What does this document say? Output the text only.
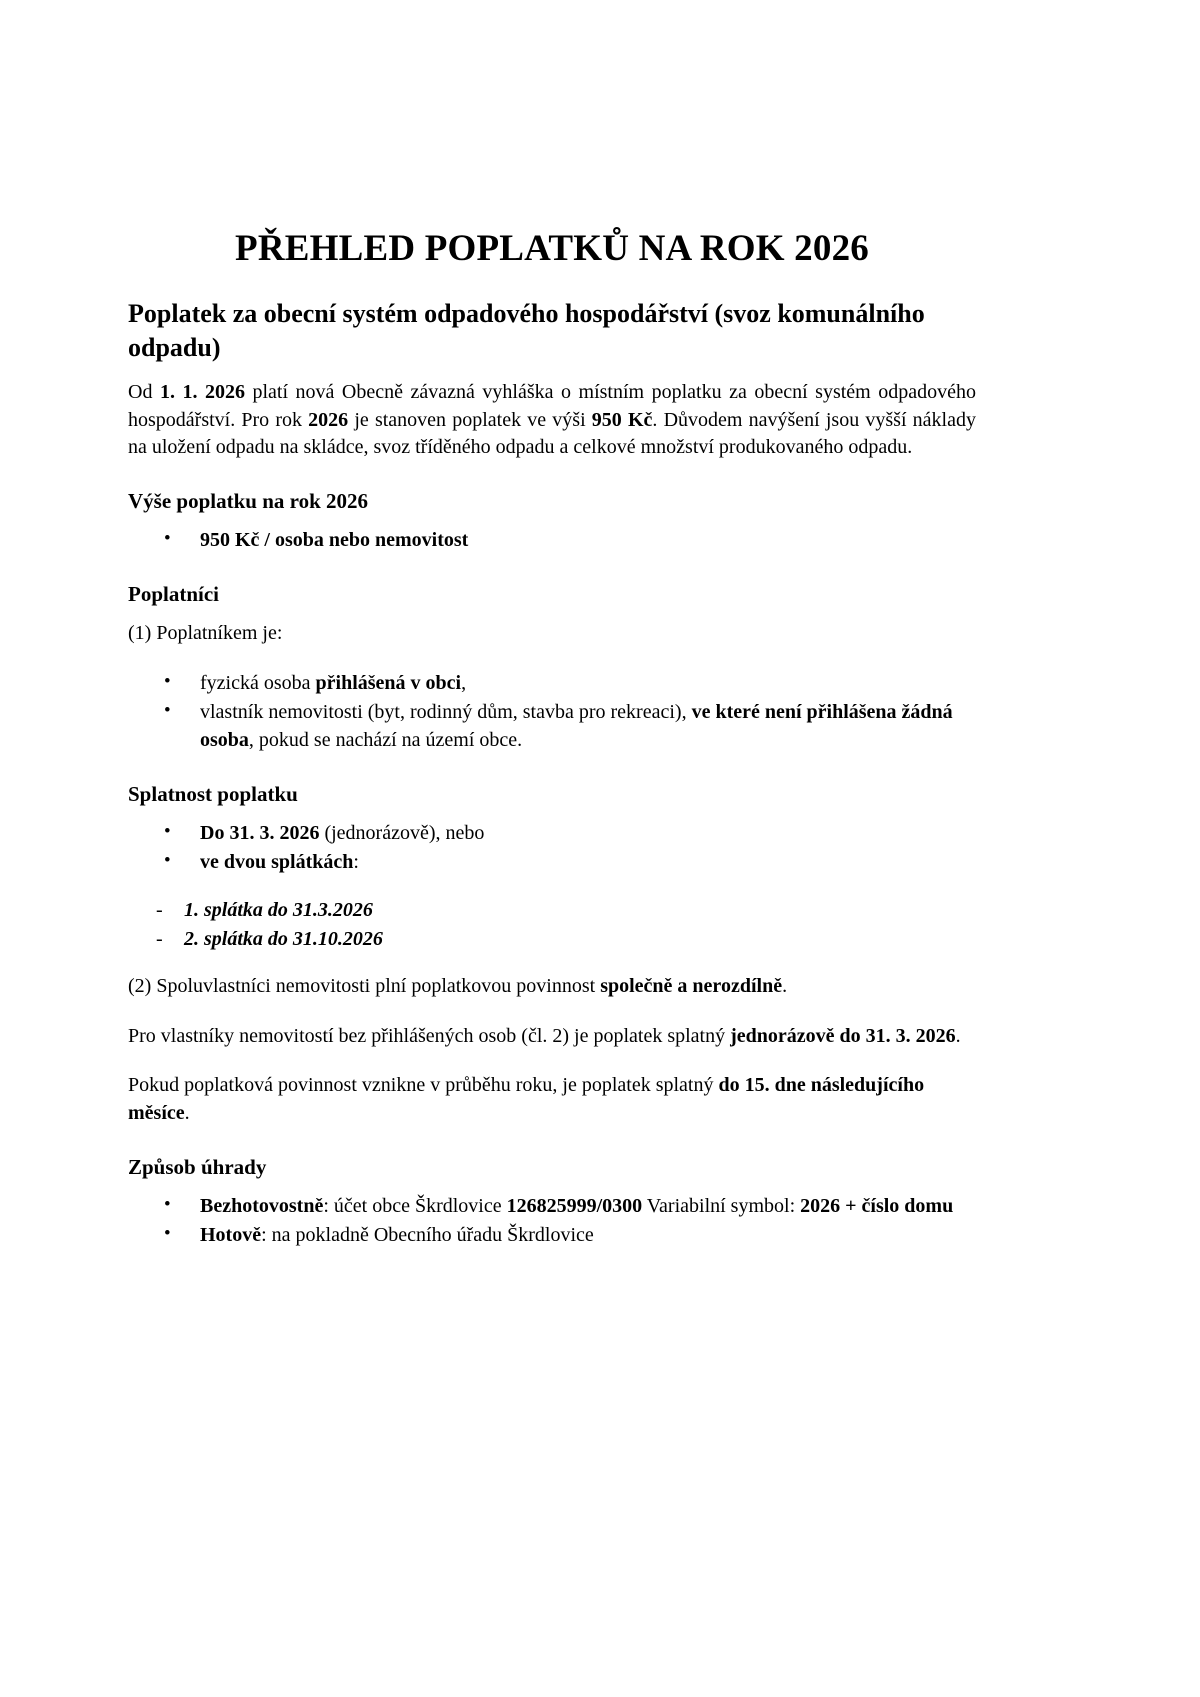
PŘEHLED POPLATKŮ NA ROK 2026
Poplatek za obecní systém odpadového hospodářství (svoz komunálního odpadu)

Od 1. 1. 2026 platí nová Obecně závazná vyhláška o místním poplatku za obecní systém odpadového hospodářství. Pro rok 2026 je stanoven poplatek ve výši 950 Kč. Důvodem navýšení jsou vyšší náklady na uložení odpadu na skládce, svoz tříděného odpadu a celkové množství produkovaného odpadu.

Výše poplatku na rok 2026
• 950 Kč / osoba nebo nemovitost
Poplatníci

(1) Poplatníkem je:

• fyzická osoba přihlášená v obci,
• vlastník nemovitosti (byt, rodinný dům, stavba pro rekreaci), ve které není přihlášena žádná osoba, pokud se nachází na území obce.
Splatnost poplatku
• Do 31. 3. 2026 (jednorázově), nebo
• ve dvou splátkách:
- 1. splátka do 31.3.2026
- 2. splátka do 31.10.2026

(2) Spoluvlastníci nemovitosti plní poplatkovou povinnost společně a nerozdílně.

Pro vlastníky nemovitostí bez přihlášených osob (čl. 2) je poplatek splatný jednorázově do 31. 3. 2026.

Pokud poplatková povinnost vznikne v průběhu roku, je poplatek splatný do 15. dne následujícího měsíce.

Způsob úhrady
• Bezhotovostně: účet obce Škrdlovice 126825999/0300 Variabilní symbol: 2026 + číslo domu
• Hotově: na pokladně Obecního úřadu Škrdlovice
